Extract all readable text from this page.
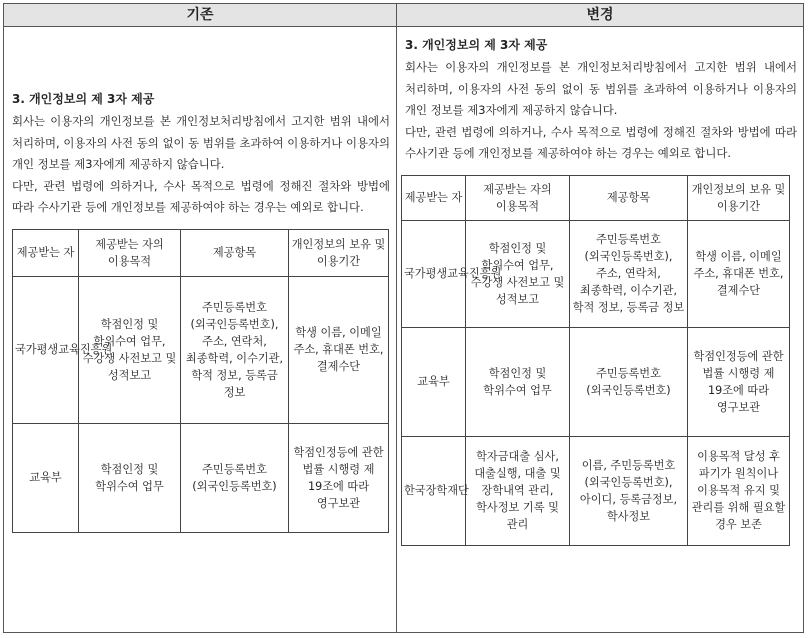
기존

3. 개인정보의 제 3자 제공

회사는 이용자의 개인정보를 본 개인정보처리방침에서 고지한 범위 내에서 처리하며, 이용자의 사전 동의 없이 동 범위를 초과하여 이용하거나 이용자의 개인 정보를 제3자에게 제공하지 않습니다.

다만, 관련 법령에 의하거나, 수사 목적으로 법령에 정해진 절차와 방법에 따라 수사기관 등에 개인정보를 제공하여야 하는 경우는 예외로 합니다.

제공받는 자	제공받는 자의 이용목적	제공항목	개인정보의 보유 및 이용기간
국가평생교육진흥원	학점인정 및 학위수여 업무, 수강생 사전보고 및 성적보고	주민등록번호(외국인등록번호), 주소, 연락처, 최종학력, 이수기관, 학적 정보, 등록금 정보	학생 이름, 이메일 주소, 휴대폰 번호, 결제수단
교육부	학점인정 및 학위수여 업무	주민등록번호 (외국인등록번호)	학점인정등에 관한 법률 시행령 제 19조에 따라 영구보관
변경

3. 개인정보의 제 3자 제공

회사는 이용자의 개인정보를 본 개인정보처리방침에서 고지한 범위 내에서 처리하며, 이용자의 사전 동의 없이 동 범위를 초과하여 이용하거나 이용자의 개인 정보를 제3자에게 제공하지 않습니다.

다만, 관련 법령에 의하거나, 수사 목적으로 법령에 정해진 절차와 방법에 따라 수사기관 등에 개인정보를 제공하여야 하는 경우는 예외로 합니다.

제공받는 자	제공받는 자의 이용목적	제공항목	개인정보의 보유 및 이용기간
국가평생교육진흥원	학점인정 및 학위수여 업무, 수강생 사전보고 및 성적보고	주민등록번호(외국인등록번호), 주소, 연락처, 최종학력, 이수기관, 학적 정보, 등록금 정보	학생 이름, 이메일 주소, 휴대폰 번호, 결제수단
교육부	학점인정 및 학위수여 업무	주민등록번호 (외국인등록번호)	학점인정등에 관한 법률 시행령 제 19조에 따라 영구보관
한국장학재단	학자금대출 심사, 대출실행, 대출 및 장학내역 관리, 학사정보 기록 및 관리	이름, 주민등록번호(외국인등록번호), 아이디, 등록금정보, 학사정보	이용목적 달성 후 파기가 원칙이나 이용목적 유지 및 관리를 위해 필요할 경우 보존
